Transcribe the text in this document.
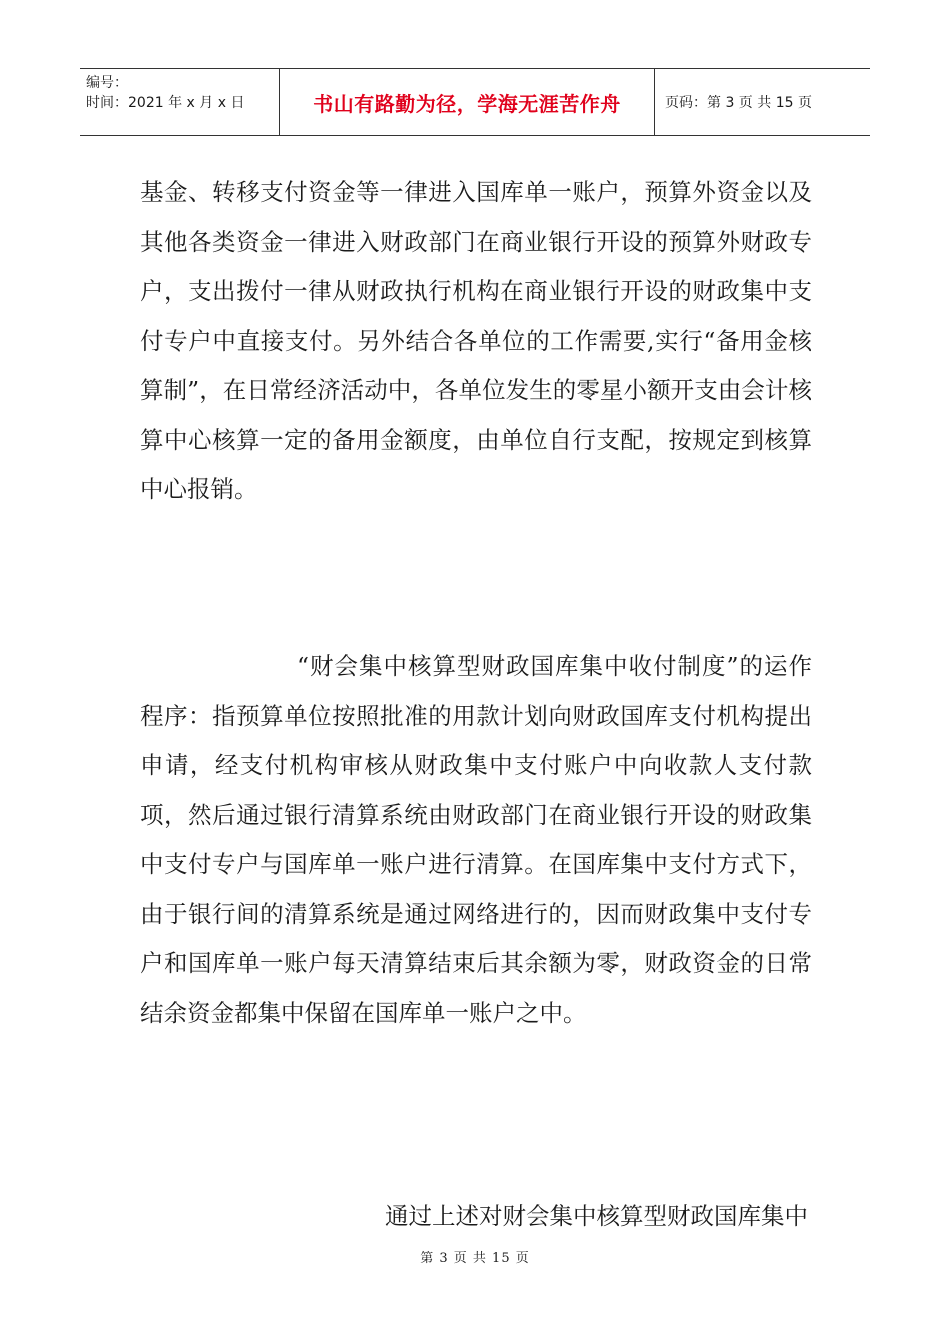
编号：
时间：2021 年 x 月 x 日	书山有路勤为径，学海无涯苦作舟	页码：第 3 页 共 15 页

基金、转移支付资金等一律进入国库单一账户，预算外资金以及其他各类资金一律进入财政部门在商业银行开设的预算外财政专户，支出拨付一律从财政执行机构在商业银行开设的财政集中支付专户中直接支付。另外结合各单位的工作需要,实行“备用金核算制”，在日常经济活动中，各单位发生的零星小额开支由会计核算中心核算一定的备用金额度，由单位自行支配，按规定到核算中心报销。

“财会集中核算型财政国库集中收付制度”的运作程序：指预算单位按照批准的用款计划向财政国库支付机构提出申请，经支付机构审核从财政集中支付账户中向收款人支付款项，然后通过银行清算系统由财政部门在商业银行开设的财政集中支付专户与国库单一账户进行清算。在国库集中支付方式下，由于银行间的清算系统是通过网络进行的，因而财政集中支付专户和国库单一账户每天清算结束后其余额为零，财政资金的日常结余资金都集中保留在国库单一账户之中。

通过上述对财会集中核算型财政国库集中

第 3 页 共 15 页
